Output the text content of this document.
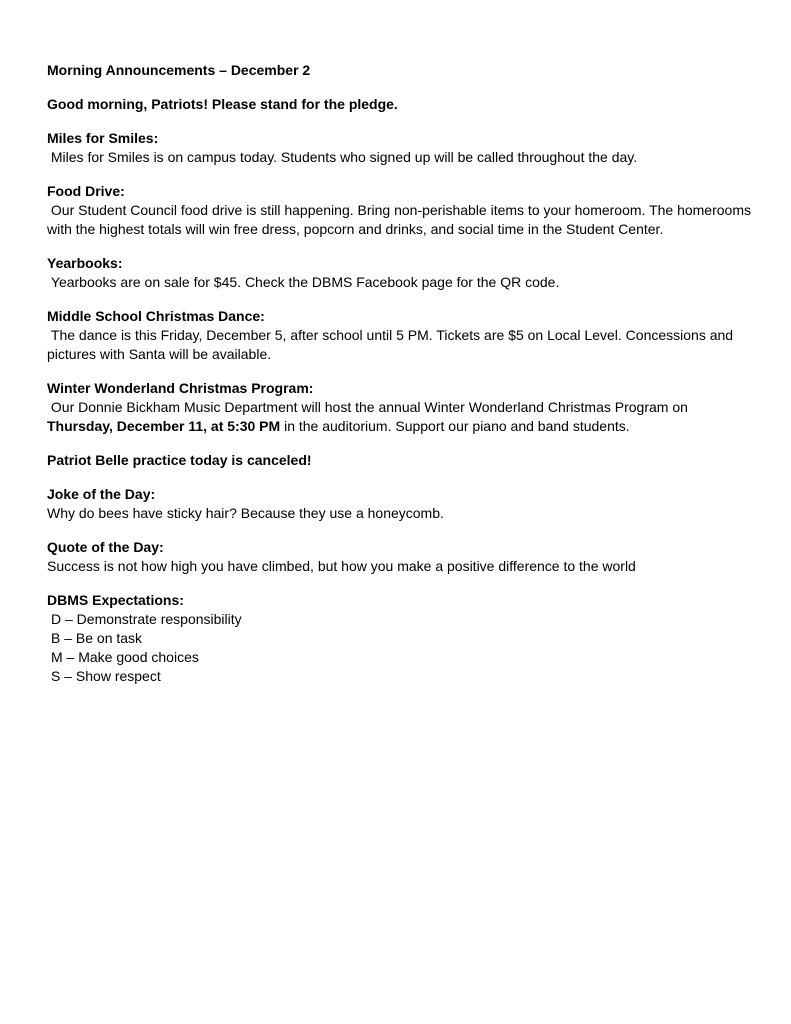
Morning Announcements – December 2
Good morning, Patriots! Please stand for the pledge.
Miles for Smiles:
Miles for Smiles is on campus today. Students who signed up will be called throughout the day.
Food Drive:
Our Student Council food drive is still happening. Bring non-perishable items to your homeroom. The homerooms with the highest totals will win free dress, popcorn and drinks, and social time in the Student Center.
Yearbooks:
Yearbooks are on sale for $45. Check the DBMS Facebook page for the QR code.
Middle School Christmas Dance:
The dance is this Friday, December 5, after school until 5 PM. Tickets are $5 on Local Level. Concessions and pictures with Santa will be available.
Winter Wonderland Christmas Program:
Our Donnie Bickham Music Department will host the annual Winter Wonderland Christmas Program on Thursday, December 11, at 5:30 PM in the auditorium. Support our piano and band students.
Patriot Belle practice today is canceled!
Joke of the Day:
Why do bees have sticky hair? Because they use a honeycomb.
Quote of the Day:
Success is not how high you have climbed, but how you make a positive difference to the world
DBMS Expectations:
D – Demonstrate responsibility
B – Be on task
M – Make good choices
S – Show respect
